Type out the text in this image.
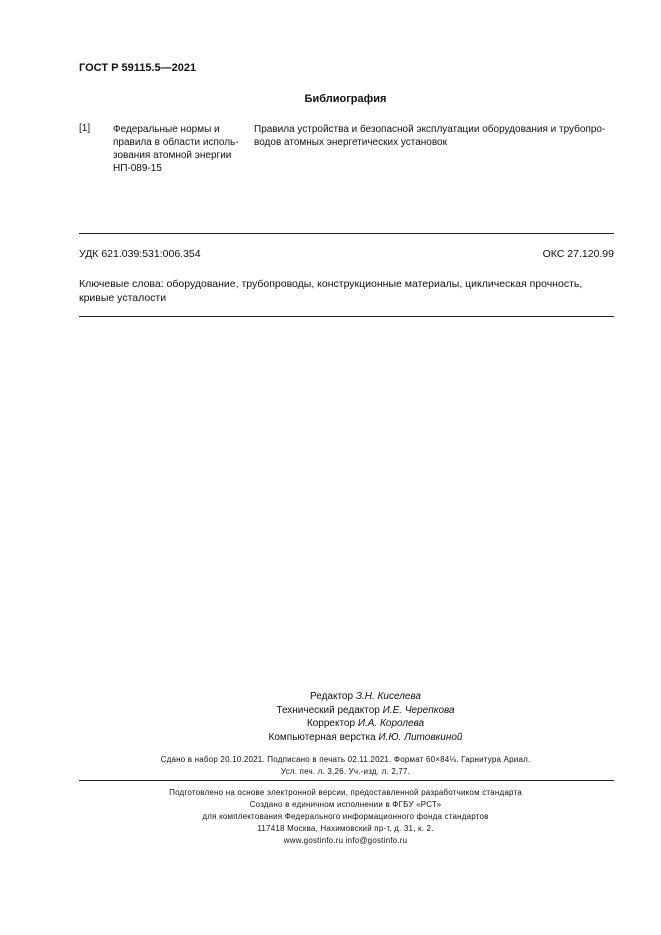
ГОСТ Р 59115.5—2021
Библиография
[1] Федеральные нормы и
правила в области исполь-
зования атомной энергии
НП-089-15
Правила устройства и безопасной эксплуатации оборудования и трубопро-
водов атомных энергетических установок
УДК 621.039:531:006.354	ОКС 27.120.99
Ключевые слова: оборудование, трубопроводы, конструкционные материалы, циклическая прочность,
кривые усталости
Редактор З.Н. Киселева
Технический редактор И.Е. Черепкова
Корректор И.А. Королева
Компьютерная верстка И.Ю. Литовкиной
Сдано в набор 20.10.2021. Подписано в печать 02.11.2021. Формат 60×84⅛. Гарнитура Ариал.
Усл. печ. л. 3,26. Уч.-изд. л. 2,77.
Подготовлено на основе электронной версии, предоставленной разработчиком стандарта
Создано в единичном исполнении в ФГБУ «РСТ»
для комплектования Федерального информационного фонда стандартов
117418 Москва, Нахимовский пр-т, д. 31, к. 2.
www.gostinfo.ru info@gostinfo.ru
